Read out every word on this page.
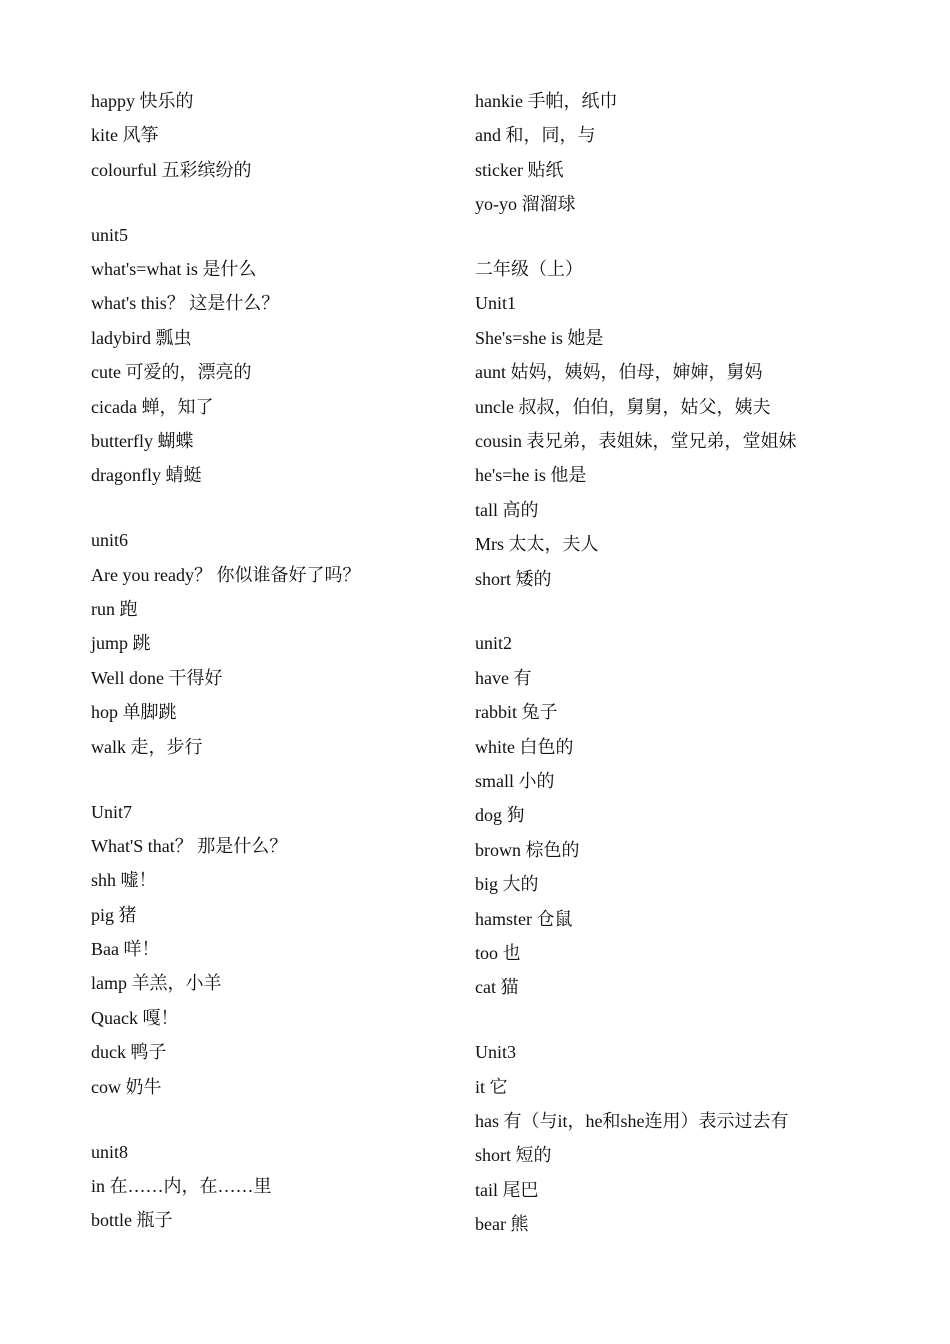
happy 快乐的
kite 风筝
colourful 五彩缤纷的
unit5
what's=what is 是什么
what's this？ 这是什么？
ladybird 瓢虫
cute 可爱的，漂亮的
cicada 蝉，知了
butterfly 蝴蝶
dragonfly 蜻蜓
unit6
Are you ready？ 你似谁备好了吗？
run 跑
jump 跳
Well done 干得好
hop 单脚跳
walk 走，步行
Unit7
What'S that？ 那是什么？
shh 嘘！
pig 猪
Baa 咩！
lamp 羊羔，小羊
Quack 嘎！
duck 鸭子
cow 奶牛
unit8
in 在……内，在……里
bottle 瓶子
hankie 手帕，纸巾
and 和，同，与
sticker 贴纸
yo-yo 溜溜球
二年级（上）
Unit1
She's=she is 她是
aunt 姑妈，姨妈，伯母，婶婶，舅妈
uncle 叔叔，伯伯，舅舅，姑父，姨夫
cousin 表兄弟，表姐妹，堂兄弟，堂姐妹
he's=he is 他是
tall 高的
Mrs 太太，夫人
short 矮的
unit2
have 有
rabbit 兔子
white 白色的
small 小的
dog 狗
brown 棕色的
big 大的
hamster 仓鼠
too 也
cat 猫
Unit3
it 它
has 有（与it，he和she连用）表示过去有
short 短的
tail 尾巴
bear 熊
